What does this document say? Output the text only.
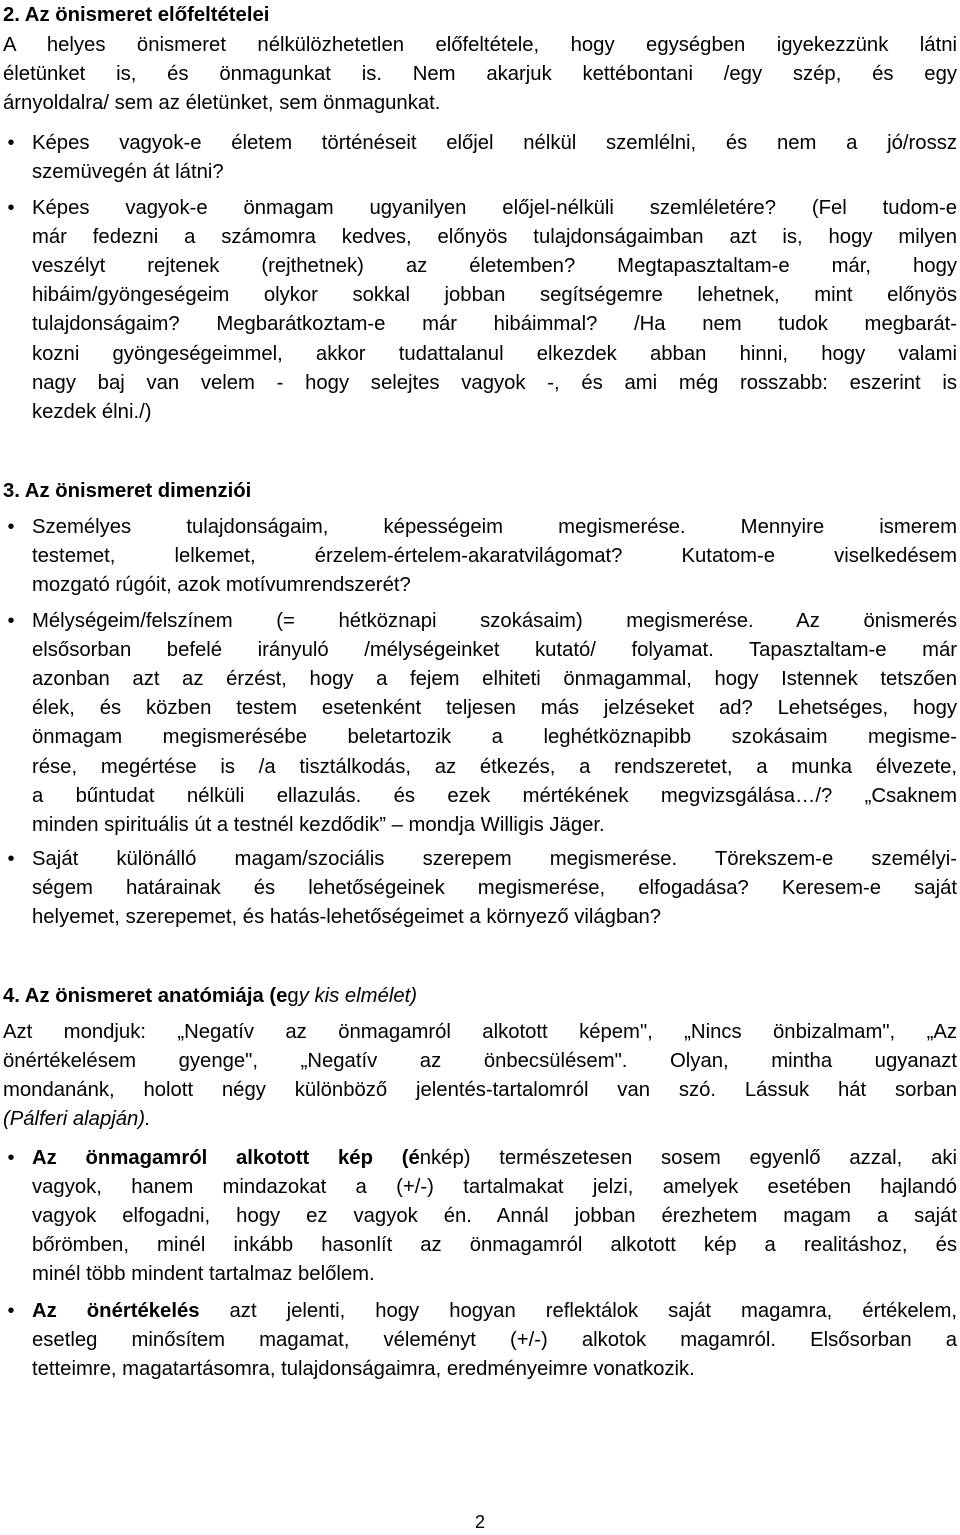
2. Az önismeret előfeltételei
A helyes önismeret nélkülözhetetlen előfeltétele, hogy egységben igyekezzünk látni
életünket is, és önmagunkat is. Nem akarjuk kettébontani /egy szép, és egy
árnyoldalra/ sem az életünket, sem önmagunkat.
• Képes vagyok-e életem történéseit előjel nélkül szemlélni, és nem a jó/rossz
szemüvegén át látni?
• Képes vagyok-e önmagam ugyanilyen előjel-nélküli szemléletére? (Fel tudom-e
már fedezni a számomra kedves, előnyös tulajdonságaimban azt is, hogy milyen
veszélyt rejtenek (rejthetnek) az életemben? Megtapasztaltam-e már, hogy
hibáim/gyöngeségeim olykor sokkal jobban segítségemre lehetnek, mint előnyös
tulajdonságaim? Megbarátkoztam-e már hibáimmal? /Ha nem tudok megbarát-
kozni gyöngeségeimmel, akkor tudattalanul elkezdek abban hinni, hogy valami
nagy baj van velem - hogy selejtes vagyok -, és ami még rosszabb: eszerint is
kezdek élni./)
3. Az önismeret dimenziói
• Személyes tulajdonságaim, képességeim megismerése. Mennyire ismerem
testemet, lelkemet, érzelem-értelem-akaratvilágomat? Kutatom-e viselkedésem
mozgató rúgóit, azok motívumrendszerét?
• Mélységeim/felszínem (= hétköznapi szokásaim) megismerése. Az önismerés
elsősorban befelé irányuló /mélységeinket kutató/ folyamat. Tapasztaltam-e már
azonban azt az érzést, hogy a fejem elhiteti önmagammal, hogy Istennek tetszően
élek, és közben testem esetenként teljesen más jelzéseket ad? Lehetséges, hogy
önmagam megismerésébe beletartozik a leghétköznapibb szokásaim megisme-
rése, megértése is /a tisztálkodás, az étkezés, a rendszeretet, a munka élvezete,
a bűntudat nélküli ellazulás. és ezek mértékének megvizsgálása…/? „Csaknem
minden spirituális út a testnél kezdődik” – mondja Willigis Jäger.
• Saját különálló magam/szociális szerepem megismerése. Törekszem-e személyi-
ségem határainak és lehetőségeinek megismerése, elfogadása? Keresem-e saját
helyemet, szerepemet, és hatás-lehetőségeimet a környező világban?
4. Az önismeret anatómiája (egy kis elmélet)
Azt mondjuk: „Negatív az önmagamról alkotott képem", „Nincs önbizalmam", „Az
önértékelésem gyenge", „Negatív az önbecsülésem". Olyan, mintha ugyanazt
mondanánk, holott négy különböző jelentés-tartalomról van szó. Lássuk hát sorban
(Pálferi alapján).
• Az önmagamról alkotott kép (énkép) természetesen sosem egyenlő azzal, aki
vagyok, hanem mindazokat a (+/-) tartalmakat jelzi, amelyek esetében hajlandó
vagyok elfogadni, hogy ez vagyok én. Annál jobban érezhetem magam a saját
bőrömben, minél inkább hasonlít az önmagamról alkotott kép a realitáshoz, és
minél több mindent tartalmaz belőlem.
• Az önértékelés azt jelenti, hogy hogyan reflektálok saját magamra, értékelem,
esetleg minősítem magamat, véleményt (+/-) alkotok magamról. Elsősorban a
tetteimre, magatartásomra, tulajdonságaimra, eredményeimre vonatkozik.
2
